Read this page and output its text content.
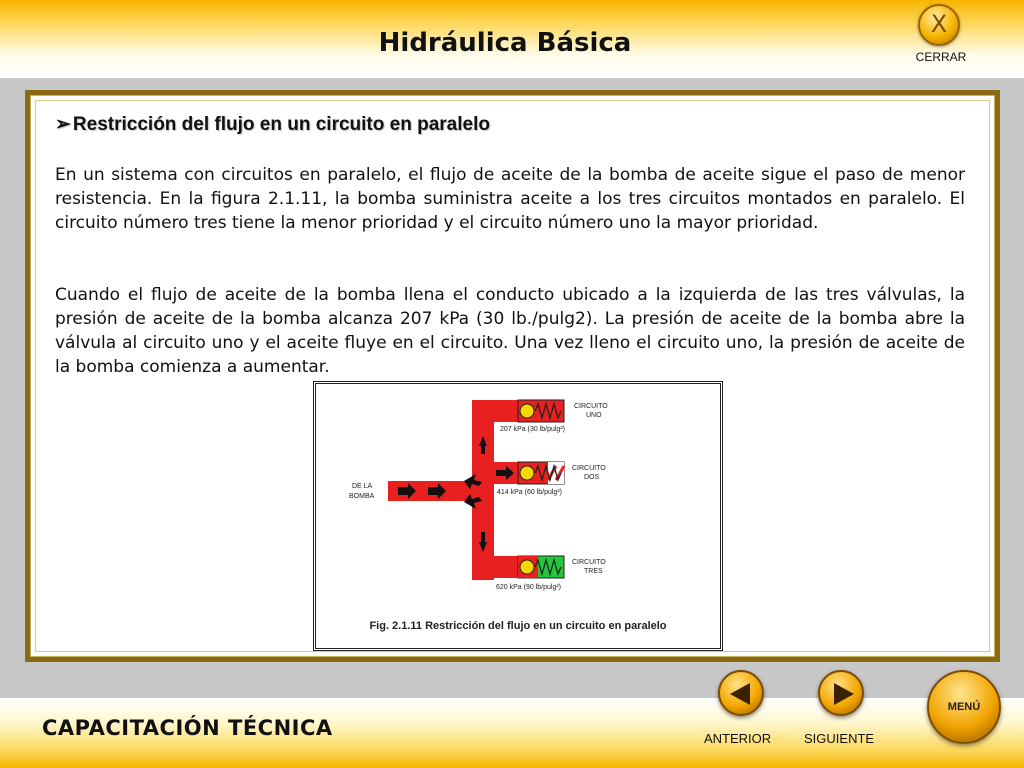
Hidráulica Básica
X
CERRAR
➢ Restricción del flujo en un circuito en paralelo

En un sistema con circuitos en paralelo, el flujo de aceite de la bomba de aceite sigue el paso de menor resistencia. En la figura 2.1.11, la bomba suministra aceite a los tres circuitos montados en paralelo. El circuito número tres tiene la menor prioridad y el circuito número uno la mayor prioridad.

Cuando el flujo de aceite de la bomba llena el conducto ubicado a la izquierda de las tres válvulas, la presión de aceite de la bomba alcanza 207 kPa (30 lb./pulg2). La presión de aceite de la bomba abre la válvula al circuito uno y el aceite fluye en el circuito. Una vez lleno el circuito uno, la presión de aceite de la bomba comienza a aumentar.

DE LA
BOMBA
CIRCUITO
UNO
207 kPa (30 lb/pulg²)
CIRCUITO
DOS
414 kPa (60 lb/pulg²)
CIRCUITO
TRES
620 kPa (90 lb/pulg²)
Fig. 2.1.11 Restricción del flujo en un circuito en paralelo
CAPACITACIÓN TÉCNICA	ANTERIOR	SIGUIENTE
MENÚ
